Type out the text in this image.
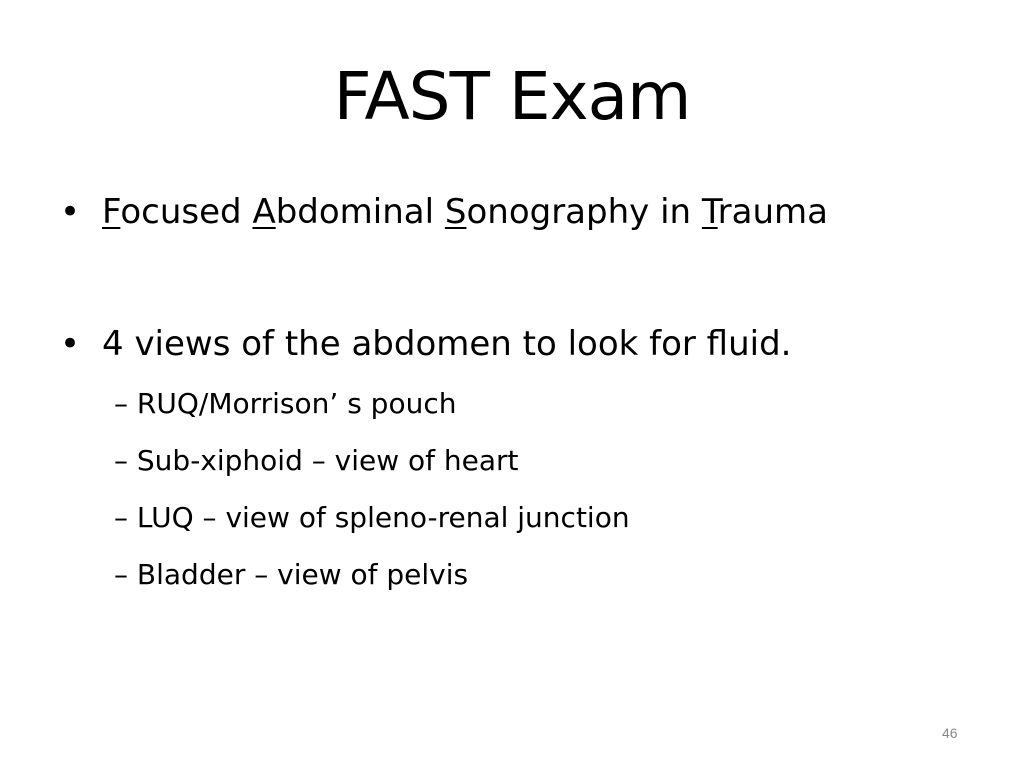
FAST Exam
• Focused Abdominal Sonography in Trauma
• 4 views of the abdomen to look for fluid.
– RUQ/Morrison’ s pouch
– Sub-xiphoid – view of heart
– LUQ – view of spleno-renal junction
– Bladder – view of pelvis
46
